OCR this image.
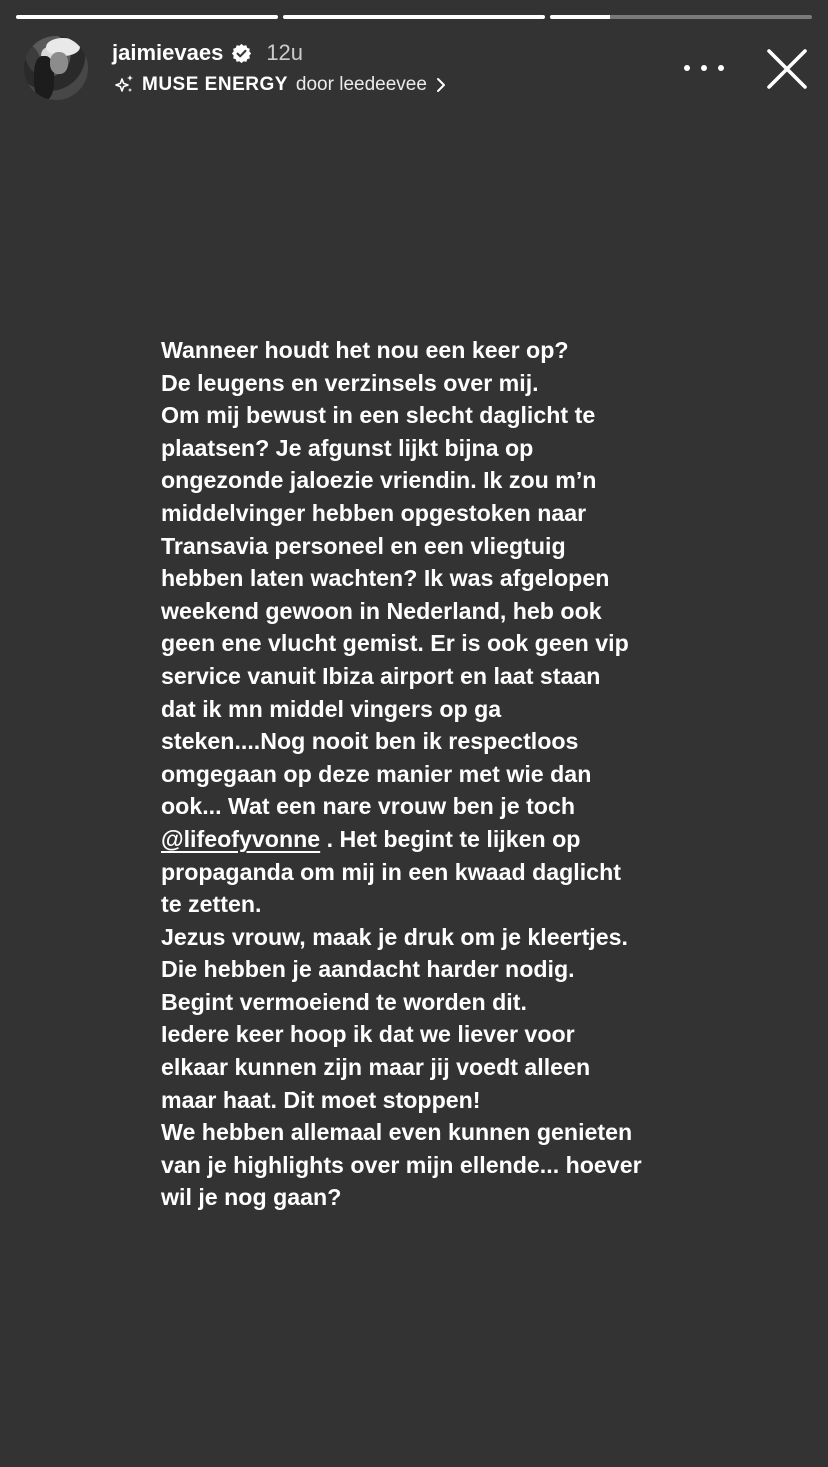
jaimievaes 12u
MUSE ENERGY door leedeevee
Wanneer houdt het nou een keer op?
De leugens en verzinsels over mij.
Om mij bewust in een slecht daglicht te
plaatsen? Je afgunst lijkt bijna op
ongezonde jaloezie vriendin. Ik zou m’n
middelvinger hebben opgestoken naar
Transavia personeel en een vliegtuig
hebben laten wachten? Ik was afgelopen
weekend gewoon in Nederland, heb ook
geen ene vlucht gemist. Er is ook geen vip
service vanuit Ibiza airport en laat staan
dat ik mn middel vingers op ga
steken....Nog nooit ben ik respectloos
omgegaan op deze manier met wie dan
ook... Wat een nare vrouw ben je toch
@lifeofyvonne . Het begint te lijken op
propaganda om mij in een kwaad daglicht
te zetten.
Jezus vrouw, maak je druk om je kleertjes.
Die hebben je aandacht harder nodig.
Begint vermoeiend te worden dit.
Iedere keer hoop ik dat we liever voor
elkaar kunnen zijn maar jij voedt alleen
maar haat. Dit moet stoppen!
We hebben allemaal even kunnen genieten
van je highlights over mijn ellende... hoever
wil je nog gaan?
